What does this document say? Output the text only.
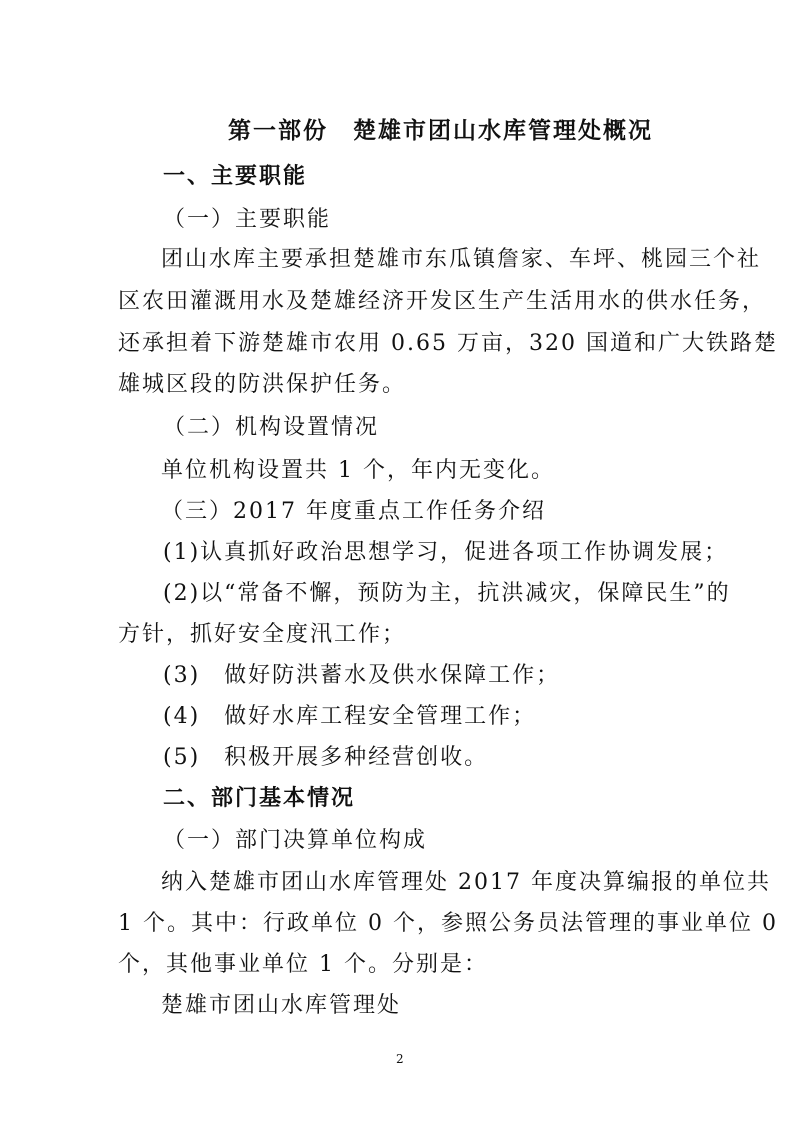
第一部份　楚雄市团山水库管理处概况
一、主要职能
（一）主要职能
团山水库主要承担楚雄市东瓜镇詹家、车坪、桃园三个社
区农田灌溉用水及楚雄经济开发区生产生活用水的供水任务，
还承担着下游楚雄市农用 0.65 万亩，320 国道和广大铁路楚
雄城区段的防洪保护任务。
（二）机构设置情况
单位机构设置共 1 个，年内无变化。
（三）2017 年度重点工作任务介绍
(1)认真抓好政治思想学习，促进各项工作协调发展；
(2)以“常备不懈，预防为主，抗洪减灾，保障民生”的
方针，抓好安全度汛工作；
(3)　做好防洪蓄水及供水保障工作；
(4)　做好水库工程安全管理工作；
(5)　积极开展多种经营创收。
二、部门基本情况
（一）部门决算单位构成
纳入楚雄市团山水库管理处 2017 年度决算编报的单位共
1 个。其中：行政单位 0 个，参照公务员法管理的事业单位 0
个，其他事业单位 1 个。分别是：
楚雄市团山水库管理处
2
